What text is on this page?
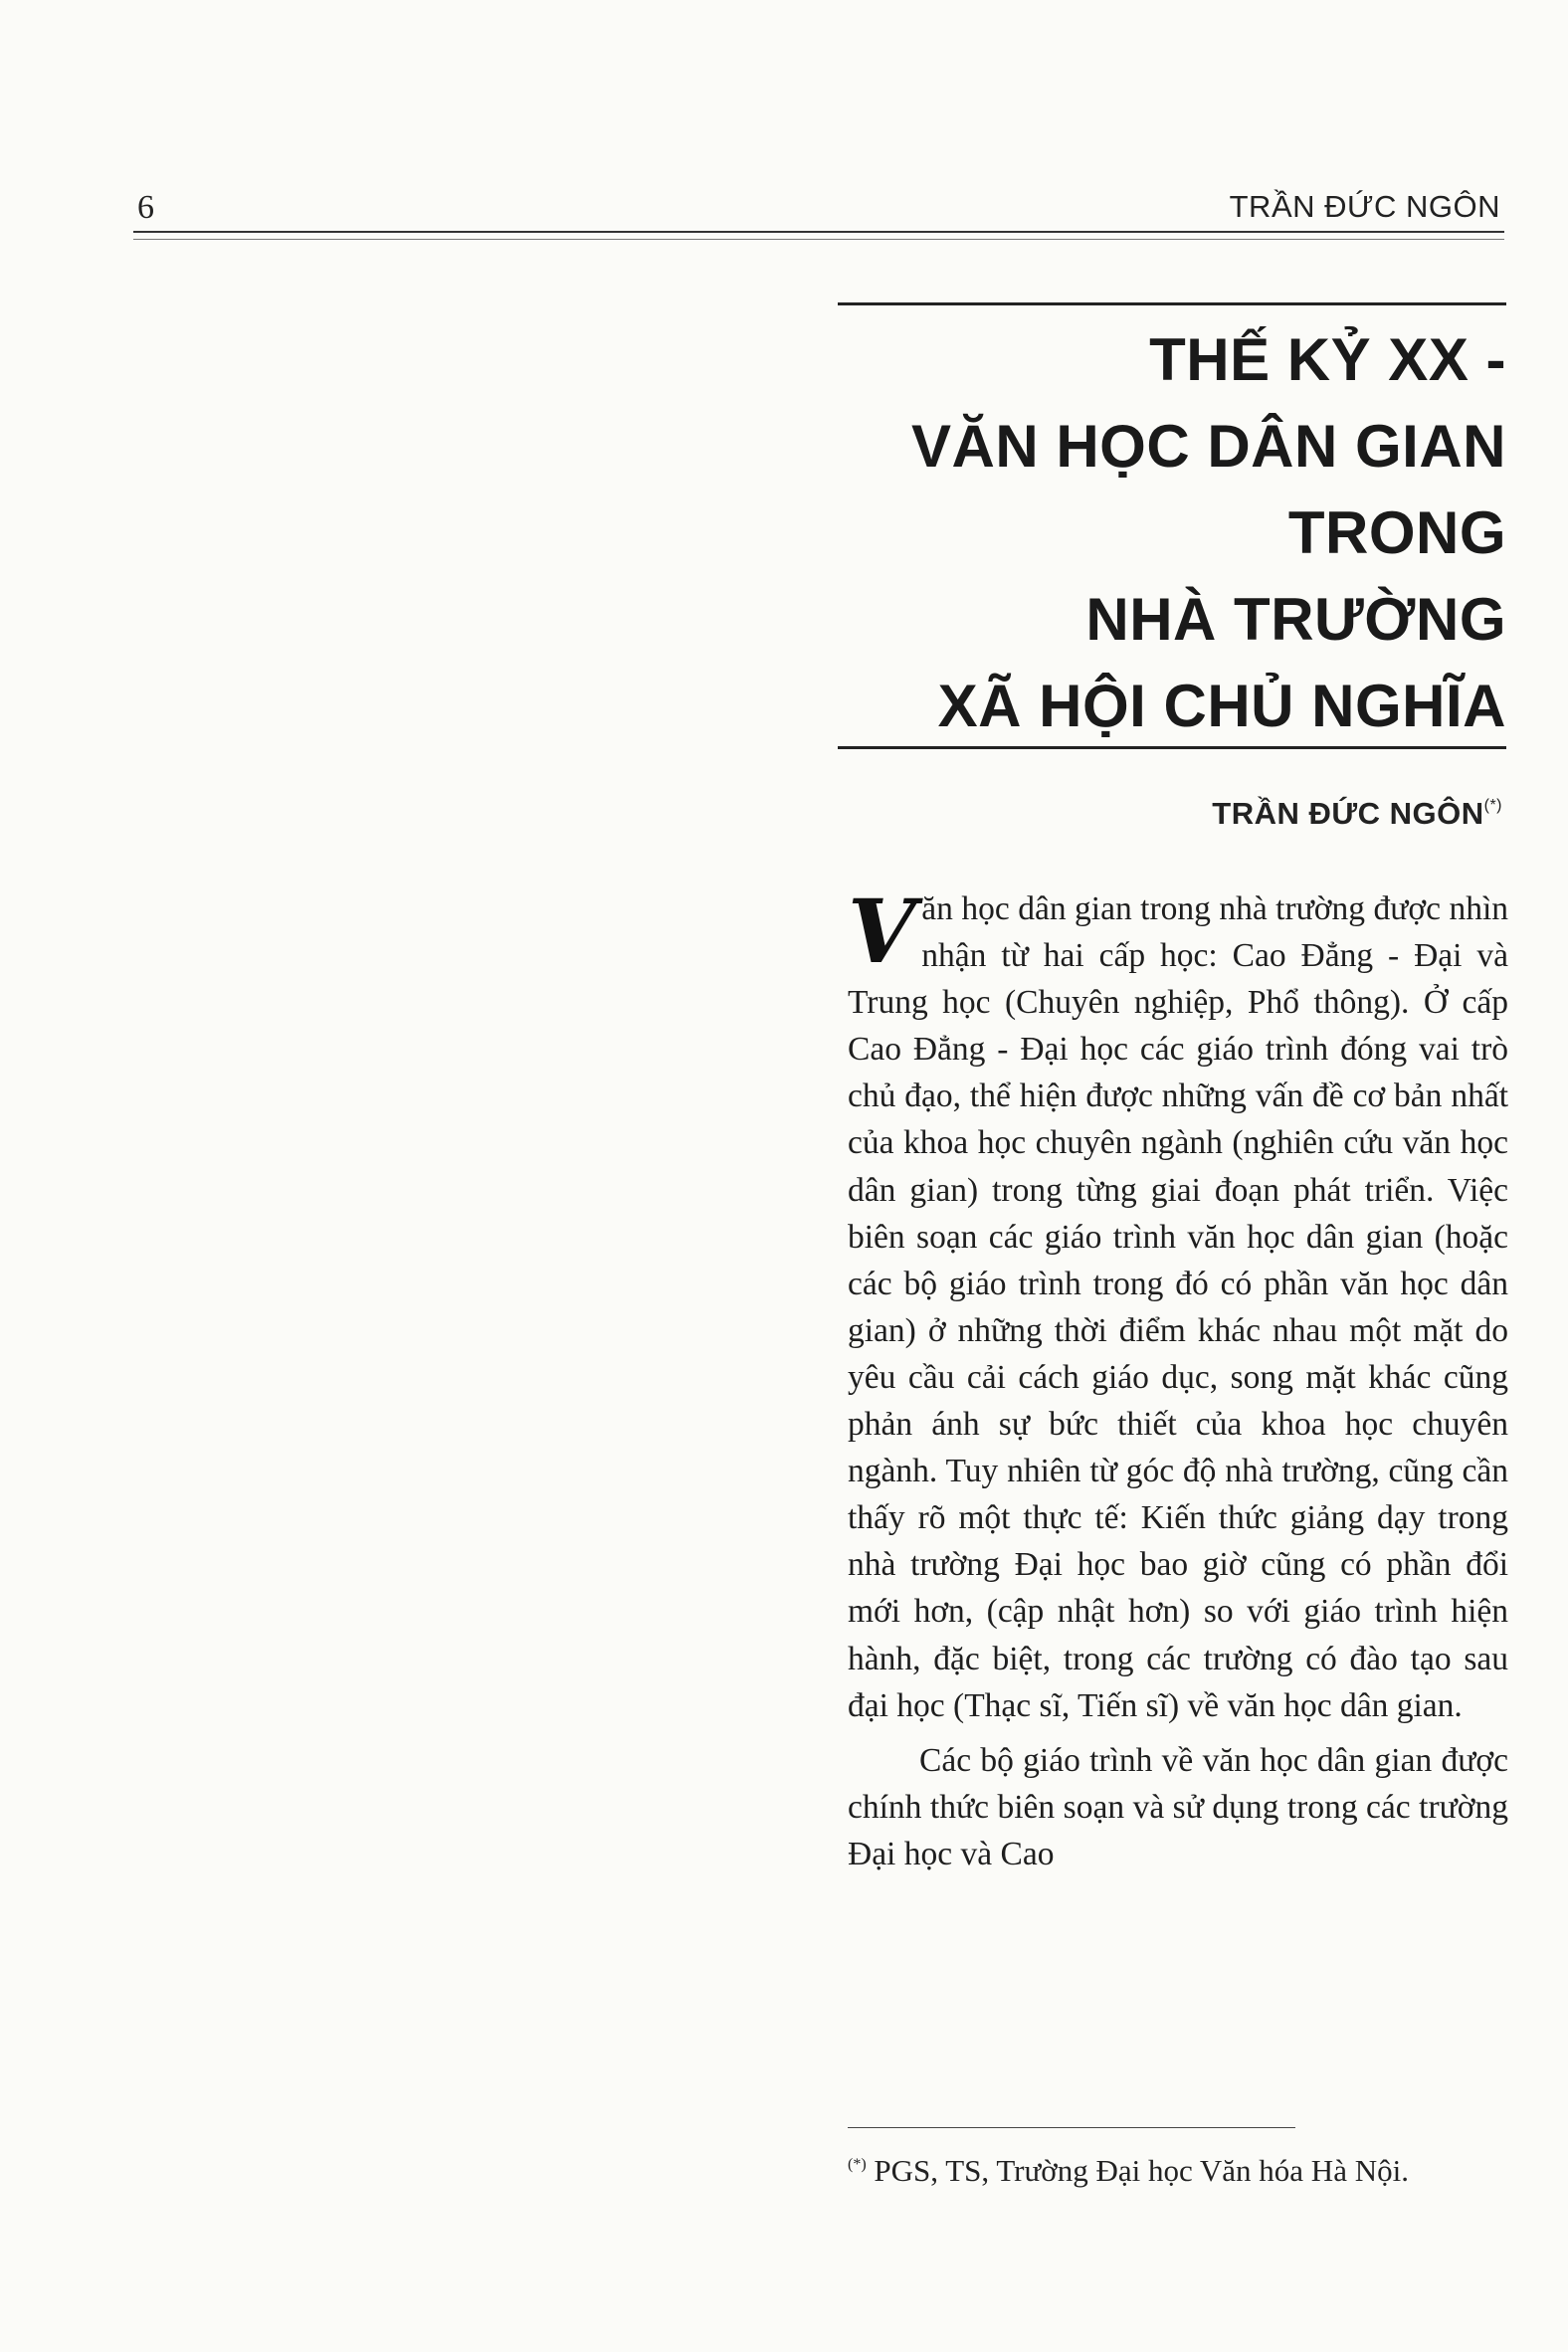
6	TRẦN ĐỨC NGÔN
THẾ KỶ XX -
VĂN HỌC DÂN GIAN
TRONG
NHÀ TRƯỜNG
XÃ HỘI CHỦ NGHĨA
TRẦN ĐỨC NGÔN(*)

Văn học dân gian trong nhà trường được nhìn nhận từ hai cấp học: Cao Đẳng - Đại và Trung học (Chuyên nghiệp, Phổ thông). Ở cấp Cao Đẳng - Đại học các giáo trình đóng vai trò chủ đạo, thể hiện được những vấn đề cơ bản nhất của khoa học chuyên ngành (nghiên cứu văn học dân gian) trong từng giai đoạn phát triển. Việc biên soạn các giáo trình văn học dân gian (hoặc các bộ giáo trình trong đó có phần văn học dân gian) ở những thời điểm khác nhau một mặt do yêu cầu cải cách giáo dục, song mặt khác cũng phản ánh sự bức thiết của khoa học chuyên ngành. Tuy nhiên từ góc độ nhà trường, cũng cần thấy rõ một thực tế: Kiến thức giảng dạy trong nhà trường Đại học bao giờ cũng có phần đổi mới hơn, (cập nhật hơn) so với giáo trình hiện hành, đặc biệt, trong các trường có đào tạo sau đại học (Thạc sĩ, Tiến sĩ) về văn học dân gian.

Các bộ giáo trình về văn học dân gian được chính thức biên soạn và sử dụng trong các trường Đại học và Cao

(*) PGS, TS, Trường Đại học Văn hóa Hà Nội.
